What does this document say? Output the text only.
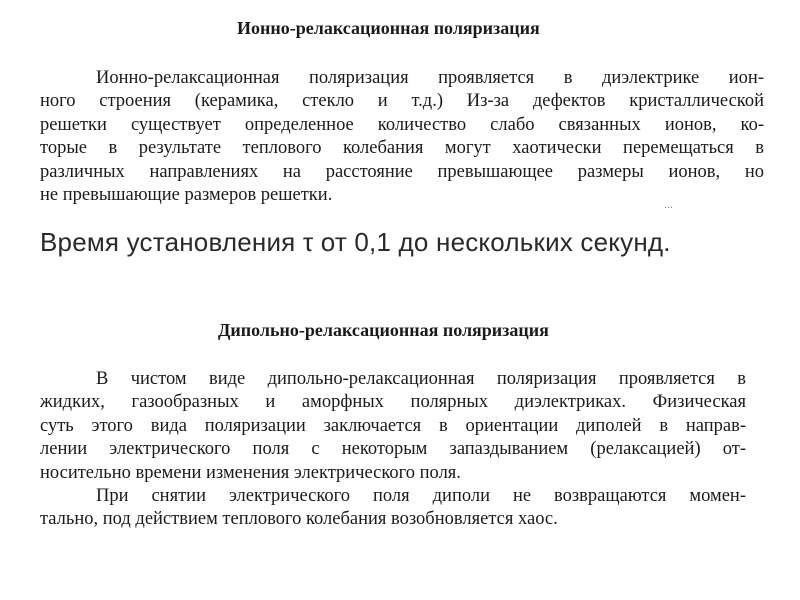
Ионно-релаксационная поляризация
Ионно-релаксационная поляризация проявляется в диэлектрике ион-
ного строения (керамика, стекло и т.д.) Из-за дефектов кристаллической
решетки существует определенное количество слабо связанных ионов, ко-
торые в результате теплового колебания могут хаотически перемещаться в
различных направлениях на расстояние превышающее размеры ионов, но
не превышающие размеров решетки.	…
Время установления τ от 0,1 до нескольких секунд.
Дипольно-релаксационная поляризация
В чистом виде дипольно-релаксационная поляризация проявляется в
жидких, газообразных и аморфных полярных диэлектриках. Физическая
суть этого вида поляризации заключается в ориентации диполей в направ-
лении электрического поля с некоторым запаздыванием (релаксацией) от-
носительно времени изменения электрического поля.
При снятии электрического поля диполи не возвращаются момен-
тально, под действием теплового колебания возобновляется хаос.
